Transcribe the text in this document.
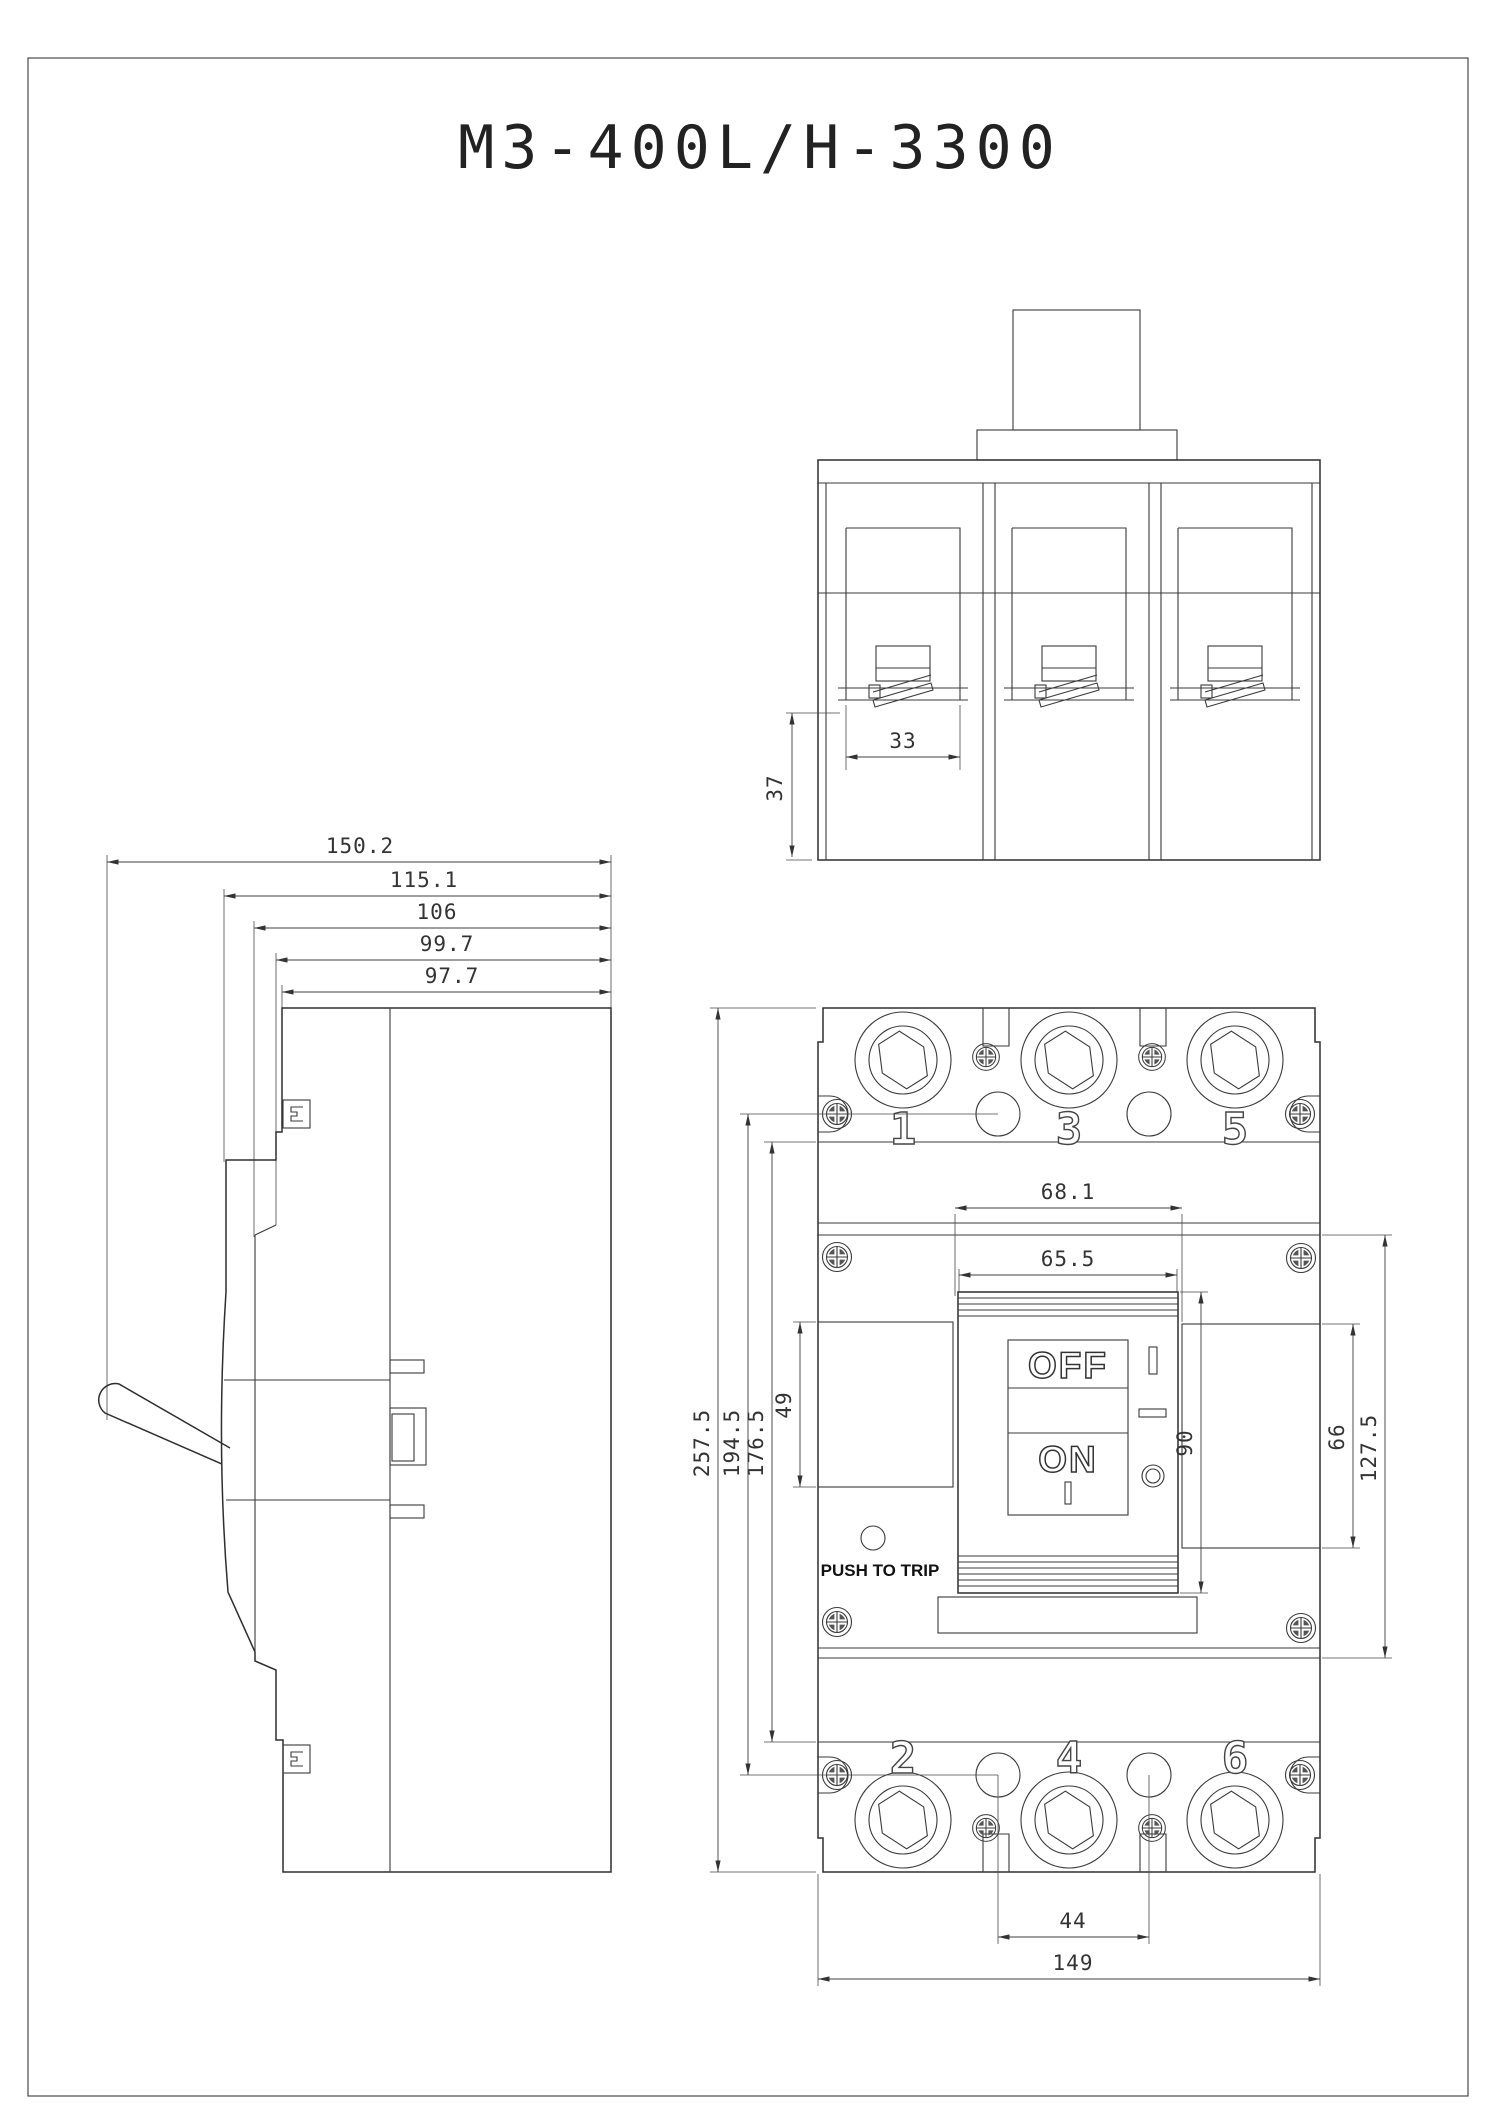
M3-400L/H-3300
33
37
150.2
115.1
106
99.7
97.7
1	3	5
OFF
ON
PUSH TO TRIP
2	4	6
68.1
65.5
90
49
66 127.5
176.5
194.5
257.5
44
149
